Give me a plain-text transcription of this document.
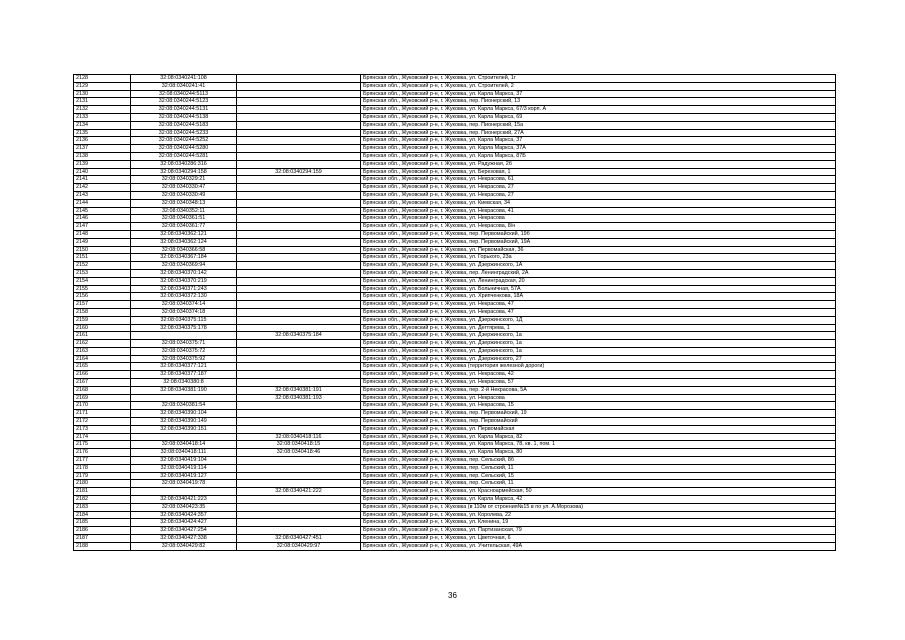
2128	32:08:0340241:108		Брянская обл., Жуковский р-н, г. Жуковка, ул. Строителей, 1г
2129	32:08:0340241:41		Брянская обл., Жуковский р-н, г. Жуковка, ул. Строителей, 2
2130	32:08:0340244:5113		Брянская обл., Жуковский р-н, г. Жуковка, ул. Карла Маркса, 37
2131	32:08:0340244:5123		Брянская обл., Жуковский р-н, г. Жуковка, пер. Пионерский, 13
2132	32:08:0340244:5131		Брянская обл., Жуковский р-н, г. Жуковка, ул. Карла Маркса, 67/3 корп. А
2133	32:08:0340244:5138		Брянская обл., Жуковский р-н, г. Жуковка, ул. Карла Маркса, 69
2134	32:08:0340244:5183		Брянская обл., Жуковский р-н, г. Жуковка, пер. Пионерский, 15а
2135	32:08:0340244:5233		Брянская обл., Жуковский р-н, г. Жуковка, пер. Пионерский, 27А
2136	32:08:0340244:5252		Брянская обл., Жуковский р-н, г. Жуковка, ул. Карла Маркса, 37
2137	32:08:0340244:5280		Брянская обл., Жуковский р-н, г. Жуковка, ул. Карла Маркса, 37А
2138	32:08:0340244:5281		Брянская обл., Жуковский р-н, г. Жуковка, ул. Карла Маркса, 87Б
2139	32:08:0340286:316		Брянская обл., Жуковский р-н, г. Жуковка, ул. Радужная, 2б
2140	32:08:0340294:158	32:08:0340294:159	Брянская обл., Жуковский р-н, г. Жуковка, ул. Березовая, 1
2141	32:08:0340329:21		Брянская обл., Жуковский р-н, г. Жуковка, ул. Некрасова, 61
2142	32:08:0340330:47		Брянская обл., Жуковский р-н, г. Жуковка, ул. Некрасова, 27
2143	32:08:0340330:49		Брянская обл., Жуковский р-н, г. Жуковка, ул. Некрасова, 27
2144	32:08:0340348:13		Брянская обл., Жуковский р-н, г. Жуковка, ул. Киевская, 34
2145	32:08:0340352:11		Брянская обл., Жуковский р-н, г. Жуковка, ул. Некрасова, 41
2146	32:08:0340361:51		Брянская обл., Жуковский р-н, г. Жуковка, ул. Некрасова
2147	32:08:0340361:77		Брянская обл., Жуковский р-н, г. Жуковка, ул. Некрасова, 8/н
2148	32:08:0340362:121		Брянская обл., Жуковский р-н, г. Жуковка, пер. Первомайский, 19б
2149	32:08:0340362:124		Брянская обл., Жуковский р-н, г. Жуковка, пер. Первомайский, 19А
2150	32:08:0340366:58		Брянская обл., Жуковский р-н, г. Жуковка, ул. Первомайская, 36
2151	32:08:0340367:184		Брянская обл., Жуковский р-н, г. Жуковка, ул. Горького, 23а
2152	32:08:0340369:94		Брянская обл., Жуковский р-н, г. Жуковка, ул. Дзержинского, 1А
2153	32:08:0340370:142		Брянская обл., Жуковский р-н, г. Жуковка, пер. Ленинградский, 2А
2154	32:08:0340370:219		Брянская обл., Жуковский р-н, г. Жуковка, ул. Ленинградская, 20
2155	32:08:0340371:243		Брянская обл., Жуковский р-н, г. Жуковка, ул. Больничная, 57А
2156	32:08:0340372:130		Брянская обл., Жуковский р-н, г. Жуковка, ул. Хрипченкова, 18А
2157	32:08:0340374:14		Брянская обл., Жуковский р-н, г. Жуковка, ул. Некрасова, 47
2158	32:08:0340374:18		Брянская обл., Жуковский р-н, г. Жуковка, ул. Некрасова, 47
2159	32:08:0340375:115		Брянская обл., Жуковский р-н, г. Жуковка, ул. Дзержинского, 1Д
2160	32:08:0340375:178		Брянская обл., Жуковский р-н, г. Жуковка, ул. Дегтярева, 1
2161		32:08:0340375:184	Брянская обл., Жуковский р-н, г. Жуковка, ул. Дзержинского, 1а
2162	32:08:0340375:71		Брянская обл., Жуковский р-н, г. Жуковка, ул. Дзержинского, 1а
2163	32:08:0340375:72		Брянская обл., Жуковский р-н, г. Жуковка, ул. Дзержинского, 1а
2164	32:08:0340375:92		Брянская обл., Жуковский р-н, г. Жуковка, ул. Дзержинского, 27
2165	32:08:0340377:121		Брянская обл., Жуковский р-н, г. Жуковка (территория железной дороги)
2166	32:08:0340377:187		Брянская обл., Жуковский р-н, г. Жуковка, ул. Некрасова, 42
2167	32:08:0340380:8		Брянская обл., Жуковский р-н, г. Жуковка, ул. Некрасова, 57
2168	32:08:0340381:190	32:08:0340381:191	Брянская обл., Жуковский р-н, г. Жуковка, пер. 2-й Некрасова, 5А
2169		32:08:0340381:193	Брянская обл., Жуковский р-н, г. Жуковка, ул. Некрасова
2170	32:08:0340381:54		Брянская обл., Жуковский р-н, г. Жуковка, ул. Некрасова, 15
2171	32:08:0340390:104		Брянская обл., Жуковский р-н, г. Жуковка, пер. Первомайский, 19
2172	32:08:0340390:149		Брянская обл., Жуковский р-н, г. Жуковка, пер. Первомайский
2173	32:08:0340390:151		Брянская обл., Жуковский р-н, г. Жуковка, ул. Первомайская
2174		32:08:0340418:116	Брянская обл., Жуковский р-н, г. Жуковка, ул. Карла Маркса, 82
2175	32:08:0340418:14	32:08:0340418:15	Брянская обл., Жуковский р-н, г. Жуковка, ул. Карла Маркса, 78, кв. 1, пом. 1
2176	32:08:0340418:111	32:08:0340418:46	Брянская обл., Жуковский р-н, г. Жуковка, ул. Карла Маркса, 80
2177	32:08:0340419:104		Брянская обл., Жуковский р-н, г. Жуковка, пер. Сельский, 8б
2178	32:08:0340419:114		Брянская обл., Жуковский р-н, г. Жуковка, пер. Сельский, 11
2179	32:08:0340419:127		Брянская обл., Жуковский р-н, г. Жуковка, пер. Сельский, 15
2180	32:08:0340419:78		Брянская обл., Жуковский р-н, г. Жуковка, пер. Сельский, 11
2181		32:08:0340421:222	Брянская обл., Жуковский р-н, г. Жуковка, ул. Красноармейская, 50
2182	32:08:0340421:223		Брянская обл., Жуковский р-н, г. Жуковка, ул. Карла Маркса, 42
2183	32:08:0340423:35		Брянская обл., Жуковский р-н, г. Жуковка (в 110м от строения№15 в по ул. А.Морозова)
2184	32:08:0340424:357		Брянская обл., Жуковский р-н, г. Жуковка, ул. Королева, 22
2185	32:08:0340424:427		Брянская обл., Жуковский р-н, г. Жуковка, ул. Кленина, 19
2186	32:08:0340427:254		Брянская обл., Жуковский р-н, г. Жуковка, ул. Партизанская, 79
2187	32:08:0340427:338	32:08:0340427:451	Брянская обл., Жуковский р-н, г. Жуковка, ул. Цветочная, 6
2188	32:08:0340429:82	32:08:0340429:97	Брянская обл., Жуковский р-н, г. Жуковка, ул. Учительская, 49А
36
